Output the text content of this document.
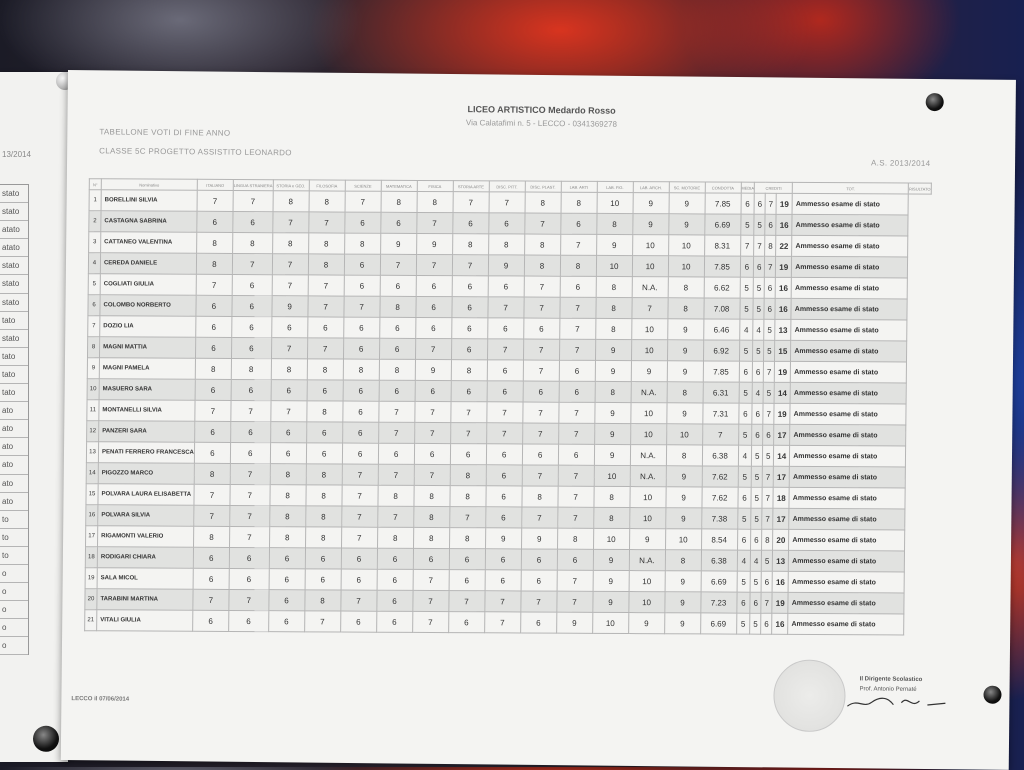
13/2014
stato
stato
atato
atato
stato
stato
stato
tato
stato
tato
tato
tato
ato
ato
ato
ato
ato
ato
to
to
to
o
o
o
o
o
LICEO ARTISTICO Medardo Rosso
Via Calatafimi n. 5 - LECCO - 0341369278
TABELLONE VOTI DI FINE ANNO
CLASSE 5C PROGETTO ASSISTITO LEONARDO
A.S. 2013/2014
N°	Nominativo	ITALIANO	LINGUA STRANIERA	STORIA e GEO.	FILOSOFIA	SCIENZE	MATEMATICA	FISICA	STORIA ARTE	DISC. PITT.	DISC. PLAST.	LAB. ARTI	LAB. FIG.	LAB. ARCH.	SC. MOTORIE	CONDOTTA	MEDIA	CREDITI			TOT.	RISULTATO
1	BORELLINI SILVIA	7	7	8	8	7	8	8	7	7	8	8	10	9	9	7.85	6	6	7	19	Ammesso esame di stato	
2	CASTAGNA SABRINA	6	6	7	7	6	6	7	6	6	7	6	8	9	9	6.69	5	5	6	16	Ammesso esame di stato	
3	CATTANEO VALENTINA	8	8	8	8	8	9	9	8	8	8	7	9	10	10	8.31	7	7	8	22	Ammesso esame di stato	
4	CEREDA DANIELE	8	7	7	8	6	7	7	7	9	8	8	10	10	10	7.85	6	6	7	19	Ammesso esame di stato	
5	COGLIATI GIULIA	7	6	7	7	6	6	6	6	6	7	6	8	N.A.	8	6.62	5	5	6	16	Ammesso esame di stato	
6	COLOMBO NORBERTO	6	6	9	7	7	8	6	6	7	7	7	8	7	8	7.08	5	5	6	16	Ammesso esame di stato	
7	DOZIO LIA	6	6	6	6	6	6	6	6	6	6	7	8	10	9	6.46	4	4	5	13	Ammesso esame di stato	
8	MAGNI MATTIA	6	6	7	7	6	6	7	6	7	7	7	9	10	9	6.92	5	5	5	15	Ammesso esame di stato	
9	MAGNI PAMELA	8	8	8	8	8	8	9	8	6	7	6	9	9	9	7.85	6	6	7	19	Ammesso esame di stato	
10	MASUERO SARA	6	6	6	6	6	6	6	6	6	6	6	8	N.A.	8	6.31	5	4	5	14	Ammesso esame di stato	
11	MONTANELLI SILVIA	7	7	7	8	6	7	7	7	7	7	7	9	10	9	7.31	6	6	7	19	Ammesso esame di stato	
12	PANZERI SARA	6	6	6	6	6	7	7	7	7	7	7	9	10	10	7	5	6	6	17	Ammesso esame di stato	
13	PENATI FERRERO FRANCESCA	6	6	6	6	6	6	6	6	6	6	6	9	N.A.	8	6.38	4	5	5	14	Ammesso esame di stato	
14	PIGOZZO MARCO	8	7	8	8	7	7	7	8	6	7	7	10	N.A.	9	7.62	5	5	7	17	Ammesso esame di stato	
15	POLVARA LAURA ELISABETTA	7	7	8	8	7	8	8	8	6	8	7	8	10	9	7.62	6	5	7	18	Ammesso esame di stato	
16	POLVARA SILVIA	7	7	8	8	7	7	8	7	6	7	7	8	10	9	7.38	5	5	7	17	Ammesso esame di stato	
17	RIGAMONTI VALERIO	8	7	8	8	7	8	8	8	9	9	8	10	9	10	8.54	6	6	8	20	Ammesso esame di stato	
18	RODIGARI CHIARA	6	6	6	6	6	6	6	6	6	6	6	9	N.A.	8	6.38	4	4	5	13	Ammesso esame di stato	
19	SALA MICOL	6	6	6	6	6	6	7	6	6	6	7	9	10	9	6.69	5	5	6	16	Ammesso esame di stato	
20	TARABINI MARTINA	7	7	6	8	7	6	7	7	7	7	7	9	10	9	7.23	6	6	7	19	Ammesso esame di stato	
21	VITALI GIULIA	6	6	6	7	6	6	7	6	7	6	9	10	9	9	6.69	5	5	6	16	Ammesso esame di stato	
LECCO il 07/06/2014
Il Dirigente Scolastico
Prof. Antonio Pernaté
